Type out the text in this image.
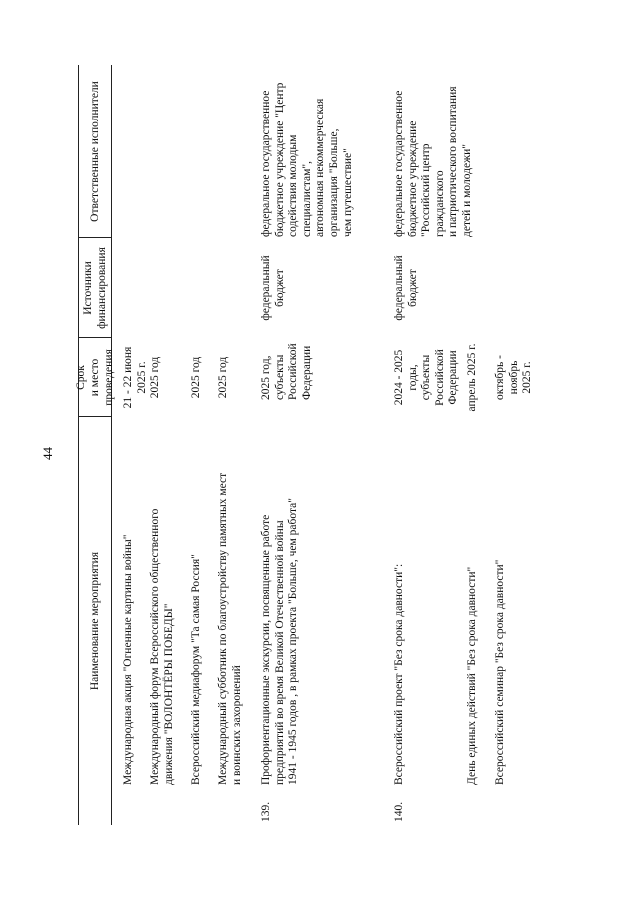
44
Наименование мероприятия
Срок
и место проведения
Источники
финансирования
Ответственные исполнители
Международная акция "Огненные картины войны"
21 - 22 июня 2025 г.
Международный форум Всероссийского общественного
движения "ВОЛОНТЁРЫ ПОБЕДЫ"
2025 год
Всероссийский медиафорум "Та самая Россия"
2025 год
Международный субботник по благоустройству памятных мест
и воинских захоронений
2025 год
139.
Профориентационные экскурсии, посвященные работе
предприятий во время Великой Отечественной войны
1941 - 1945 годов , в рамках проекта "Больше, чем работа"
2025 год,
субъекты
Российской
Федерации
федеральный
бюджет
федеральное государственное
бюджетное учреждение "Центр
содействия молодым
специалистам",
автономная некоммерческая
организация "Больше,
чем путешествие"
140.
Всероссийский проект "Без срока давности":
2024 - 2025 годы,
субъекты
Российской
Федерации
федеральный
бюджет
федеральное государственное
бюджетное учреждение
"Российский центр
гражданского
и патриотического воспитания
детей и молодежи"
День единых действий "Без срока давности"
апрель 2025 г.
Всероссийский семинар "Без срока давности"
октябрь - ноябрь
2025 г.
